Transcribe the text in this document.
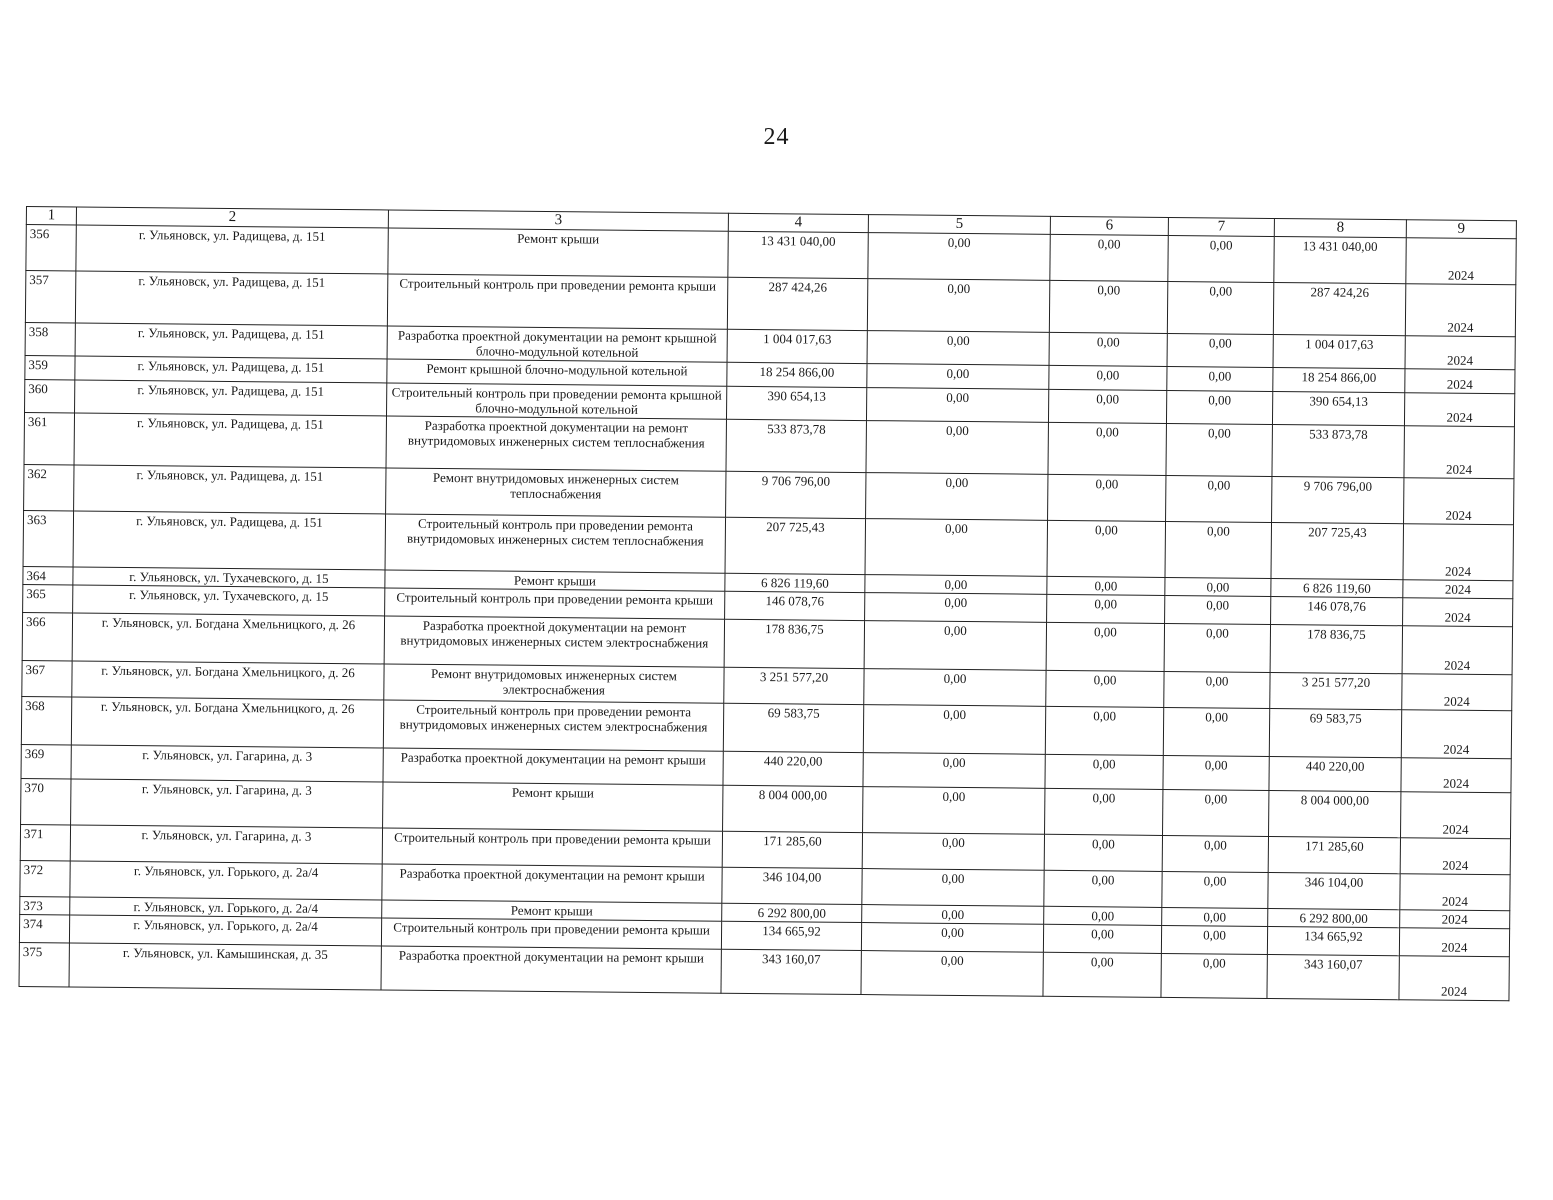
24
1	2	3	4	5	6	7	8	9
356	г. Ульяновск, ул. Радищева, д. 151	Ремонт крыши	13 431 040,00	0,00	0,00	0,00	13 431 040,00	2024
357	г. Ульяновск, ул. Радищева, д. 151	Строительный контроль при проведении ремонта крыши	287 424,26	0,00	0,00	0,00	287 424,26	2024
358	г. Ульяновск, ул. Радищева, д. 151	Разработка проектной документации на ремонт крышной блочно-модульной котельной	1 004 017,63	0,00	0,00	0,00	1 004 017,63	2024
359	г. Ульяновск, ул. Радищева, д. 151	Ремонт крышной блочно-модульной котельной	18 254 866,00	0,00	0,00	0,00	18 254 866,00	2024
360	г. Ульяновск, ул. Радищева, д. 151	Строительный контроль при проведении ремонта крышной блочно-модульной котельной	390 654,13	0,00	0,00	0,00	390 654,13	2024
361	г. Ульяновск, ул. Радищева, д. 151	Разработка проектной документации на ремонт внутридомовых инженерных систем теплоснабжения	533 873,78	0,00	0,00	0,00	533 873,78	2024
362	г. Ульяновск, ул. Радищева, д. 151	Ремонт внутридомовых инженерных систем теплоснабжения	9 706 796,00	0,00	0,00	0,00	9 706 796,00	2024
363	г. Ульяновск, ул. Радищева, д. 151	Строительный контроль при проведении ремонта внутридомовых инженерных систем теплоснабжения	207 725,43	0,00	0,00	0,00	207 725,43	2024
364	г. Ульяновск, ул. Тухачевского, д. 15	Ремонт крыши	6 826 119,60	0,00	0,00	0,00	6 826 119,60	2024
365	г. Ульяновск, ул. Тухачевского, д. 15	Строительный контроль при проведении ремонта крыши	146 078,76	0,00	0,00	0,00	146 078,76	2024
366	г. Ульяновск, ул. Богдана Хмельницкого, д. 26	Разработка проектной документации на ремонт внутридомовых инженерных систем электроснабжения	178 836,75	0,00	0,00	0,00	178 836,75	2024
367	г. Ульяновск, ул. Богдана Хмельницкого, д. 26	Ремонт внутридомовых инженерных систем электроснабжения	3 251 577,20	0,00	0,00	0,00	3 251 577,20	2024
368	г. Ульяновск, ул. Богдана Хмельницкого, д. 26	Строительный контроль при проведении ремонта внутридомовых инженерных систем электроснабжения	69 583,75	0,00	0,00	0,00	69 583,75	2024
369	г. Ульяновск, ул. Гагарина, д. 3	Разработка проектной документации на ремонт крыши	440 220,00	0,00	0,00	0,00	440 220,00	2024
370	г. Ульяновск, ул. Гагарина, д. 3	Ремонт крыши	8 004 000,00	0,00	0,00	0,00	8 004 000,00	2024
371	г. Ульяновск, ул. Гагарина, д. 3	Строительный контроль при проведении ремонта крыши	171 285,60	0,00	0,00	0,00	171 285,60	2024
372	г. Ульяновск, ул. Горького, д. 2а/4	Разработка проектной документации на ремонт крыши	346 104,00	0,00	0,00	0,00	346 104,00	2024
373	г. Ульяновск, ул. Горького, д. 2а/4	Ремонт крыши	6 292 800,00	0,00	0,00	0,00	6 292 800,00	2024
374	г. Ульяновск, ул. Горького, д. 2а/4	Строительный контроль при проведении ремонта крыши	134 665,92	0,00	0,00	0,00	134 665,92	2024
375	г. Ульяновск, ул. Камышинская, д. 35	Разработка проектной документации на ремонт крыши	343 160,07	0,00	0,00	0,00	343 160,07	2024
